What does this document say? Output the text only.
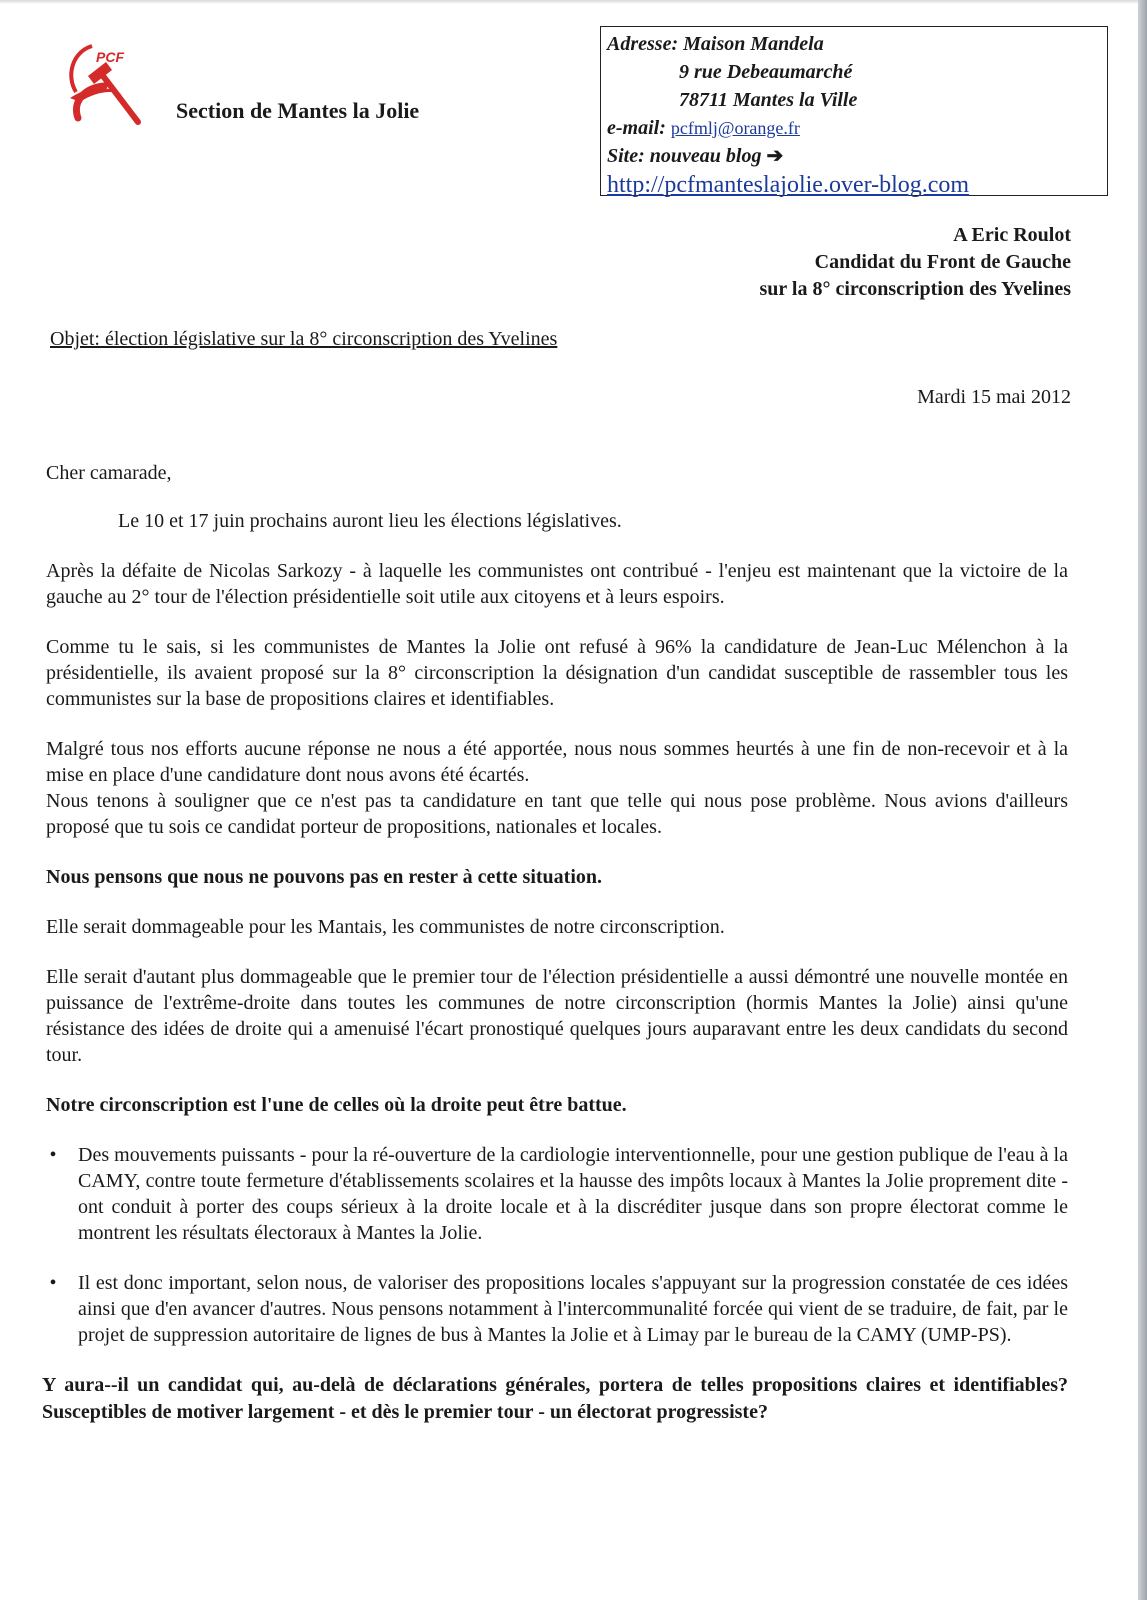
PCF
Section de Mantes la Jolie
Adresse: Maison Mandela
9 rue Debeaumarché
78711 Mantes la Ville
e-mail: pcfmlj@orange.fr
Site: nouveau blog ➔
http://pcfmanteslajolie.over-blog.com
A Eric Roulot
Candidat du Front de Gauche
sur la 8° circonscription des Yvelines
Objet: élection législative sur la 8° circonscription des Yvelines
Mardi 15 mai 2012

Cher camarade,

Le 10 et 17 juin prochains auront lieu les élections législatives.

Après la défaite de Nicolas Sarkozy - à laquelle les communistes ont contribué - l'enjeu est maintenant que la victoire de la gauche au 2° tour de l'élection présidentielle soit utile aux citoyens et à leurs espoirs.

Comme tu le sais, si les communistes de Mantes la Jolie ont refusé à 96% la candidature de Jean-Luc Mélenchon à la présidentielle, ils avaient proposé sur la 8° circonscription la désignation d'un candidat susceptible de rassembler tous les communistes sur la base de propositions claires et identifiables.

Malgré tous nos efforts aucune réponse ne nous a été apportée, nous nous sommes heurtés à une fin de non-recevoir et à la mise en place d'une candidature dont nous avons été écartés.

Nous tenons à souligner que ce n'est pas ta candidature en tant que telle qui nous pose problème. Nous avions d'ailleurs proposé que tu sois ce candidat porteur de propositions, nationales et locales.

Nous pensons que nous ne pouvons pas en rester à cette situation.

Elle serait dommageable pour les Mantais, les communistes de notre circonscription.

Elle serait d'autant plus dommageable que le premier tour de l'élection présidentielle a aussi démontré une nouvelle montée en puissance de l'extrême-droite dans toutes les communes de notre circonscription (hormis Mantes la Jolie) ainsi qu'une résistance des idées de droite qui a amenuisé l'écart pronostiqué quelques jours auparavant entre les deux candidats du second tour.

Notre circonscription est l'une de celles où la droite peut être battue.

• Des mouvements puissants - pour la ré-ouverture de la cardiologie interventionnelle, pour une gestion publique de l'eau à la CAMY, contre toute fermeture d'établissements scolaires et la hausse des impôts locaux à Mantes la Jolie proprement dite - ont conduit à porter des coups sérieux à la droite locale et à la discréditer jusque dans son propre électorat comme le montrent les résultats électoraux à Mantes la Jolie.
• Il est donc important, selon nous, de valoriser des propositions locales s'appuyant sur la progression constatée de ces idées ainsi que d'en avancer d'autres. Nous pensons notamment à l'intercommunalité forcée qui vient de se traduire, de fait, par le projet de suppression autoritaire de lignes de bus à Mantes la Jolie et à Limay par le bureau de la CAMY (UMP-PS).

Y aura--il un candidat qui, au-delà de déclarations générales, portera de telles propositions claires et identifiables? Susceptibles de motiver largement - et dès le premier tour - un électorat progressiste?
